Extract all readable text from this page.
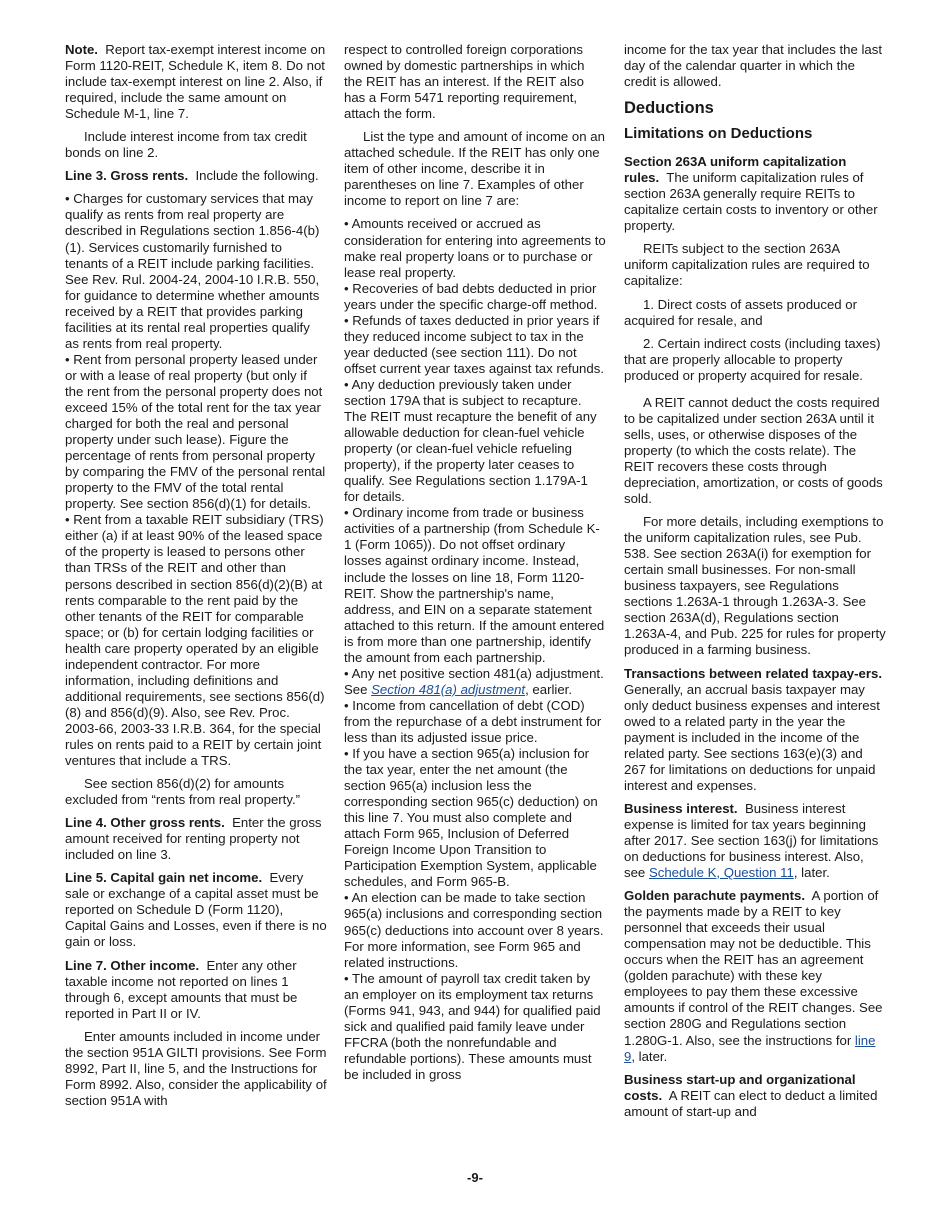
Note. Report tax-exempt interest income on Form 1120-REIT, Schedule K, item 8. Do not include tax-exempt interest on line 2. Also, if required, include the same amount on Schedule M-1, line 7.

Include interest income from tax credit bonds on line 2.

Line 3. Gross rents. Include the following.

• Charges for customary services that may qualify as rents from real property are described in Regulations section 1.856-4(b)(1). Services customarily furnished to tenants of a REIT include parking facilities. See Rev. Rul. 2004-24, 2004-10 I.R.B. 550, for guidance to determine whether amounts received by a REIT that provides parking facilities at its rental real properties qualify as rents from real property.

• Rent from personal property leased under or with a lease of real property (but only if the rent from the personal property does not exceed 15% of the total rent for the tax year charged for both the real and personal property under such lease). Figure the percentage of rents from personal property by comparing the FMV of the personal rental property to the FMV of the total rental property. See section 856(d)(1) for details.

• Rent from a taxable REIT subsidiary (TRS) either (a) if at least 90% of the leased space of the property is leased to persons other than TRSs of the REIT and other than persons described in section 856(d)(2)(B) at rents comparable to the rent paid by the other tenants of the REIT for comparable space; or (b) for certain lodging facilities or health care property operated by an eligible independent contractor. For more information, including definitions and additional requirements, see sections 856(d)(8) and 856(d)(9). Also, see Rev. Proc. 2003-66, 2003-33 I.R.B. 364, for the special rules on rents paid to a REIT by certain joint ventures that include a TRS.

See section 856(d)(2) for amounts excluded from “rents from real property.”

Line 4. Other gross rents. Enter the gross amount received for renting property not included on line 3.

Line 5. Capital gain net income. Every sale or exchange of a capital asset must be reported on Schedule D (Form 1120), Capital Gains and Losses, even if there is no gain or loss.

Line 7. Other income. Enter any other taxable income not reported on lines 1 through 6, except amounts that must be reported in Part II or IV.

Enter amounts included in income under the section 951A GILTI provisions. See Form 8992, Part II, line 5, and the Instructions for Form 8992. Also, consider the applicability of section 951A with

respect to controlled foreign corporations owned by domestic partnerships in which the REIT has an interest. If the REIT also has a Form 5471 reporting requirement, attach the form.

List the type and amount of income on an attached schedule. If the REIT has only one item of other income, describe it in parentheses on line 7. Examples of other income to report on line 7 are:

• Amounts received or accrued as consideration for entering into agreements to make real property loans or to purchase or lease real property.

• Recoveries of bad debts deducted in prior years under the specific charge-off method.

• Refunds of taxes deducted in prior years if they reduced income subject to tax in the year deducted (see section 111). Do not offset current year taxes against tax refunds.

• Any deduction previously taken under section 179A that is subject to recapture. The REIT must recapture the benefit of any allowable deduction for clean-fuel vehicle property (or clean-fuel vehicle refueling property), if the property later ceases to qualify. See Regulations section 1.179A-1 for details.

• Ordinary income from trade or business activities of a partnership (from Schedule K-1 (Form 1065)). Do not offset ordinary losses against ordinary income. Instead, include the losses on line 18, Form 1120-REIT. Show the partnership's name, address, and EIN on a separate statement attached to this return. If the amount entered is from more than one partnership, identify the amount from each partnership.

• Any net positive section 481(a) adjustment. See Section 481(a) adjustment, earlier.

• Income from cancellation of debt (COD) from the repurchase of a debt instrument for less than its adjusted issue price.

• If you have a section 965(a) inclusion for the tax year, enter the net amount (the section 965(a) inclusion less the corresponding section 965(c) deduction) on this line 7. You must also complete and attach Form 965, Inclusion of Deferred Foreign Income Upon Transition to Participation Exemption System, applicable schedules, and Form 965-B.

• An election can be made to take section 965(a) inclusions and corresponding section 965(c) deductions into account over 8 years. For more information, see Form 965 and related instructions.

• The amount of payroll tax credit taken by an employer on its employment tax returns (Forms 941, 943, and 944) for qualified paid sick and qualified paid family leave under FFCRA (both the nonrefundable and refundable portions). These amounts must be included in gross

income for the tax year that includes the last day of the calendar quarter in which the credit is allowed.

Deductions
Limitations on Deductions

Section 263A uniform capitalization rules. The uniform capitalization rules of section 263A generally require REITs to capitalize certain costs to inventory or other property.

REITs subject to the section 263A uniform capitalization rules are required to capitalize:

1. Direct costs of assets produced or acquired for resale, and

2. Certain indirect costs (including taxes) that are properly allocable to property produced or property acquired for resale.

A REIT cannot deduct the costs required to be capitalized under section 263A until it sells, uses, or otherwise disposes of the property (to which the costs relate). The REIT recovers these costs through depreciation, amortization, or costs of goods sold.

For more details, including exemptions to the uniform capitalization rules, see Pub. 538. See section 263A(i) for exemption for certain small businesses. For non-small business taxpayers, see Regulations sections 1.263A-1 through 1.263A-3. See section 263A(d), Regulations section 1.263A-4, and Pub. 225 for rules for property produced in a farming business.

Transactions between related taxpay-ers.  Generally, an accrual basis taxpayer may only deduct business expenses and interest owed to a related party in the year the payment is included in the income of the related party. See sections 163(e)(3) and 267 for limitations on deductions for unpaid interest and expenses.

Business interest. Business interest expense is limited for tax years beginning after 2017. See section 163(j) for limitations on deductions for business interest. Also, see Schedule K, Question 11, later.

Golden parachute payments. A portion of the payments made by a REIT to key personnel that exceeds their usual compensation may not be deductible. This occurs when the REIT has an agreement (golden parachute) with these key employees to pay them these excessive amounts if control of the REIT changes. See section 280G and Regulations section 1.280G-1. Also, see the instructions for line 9, later.

Business start-up and organizational costs. A REIT can elect to deduct a limited amount of start-up and

-9-
